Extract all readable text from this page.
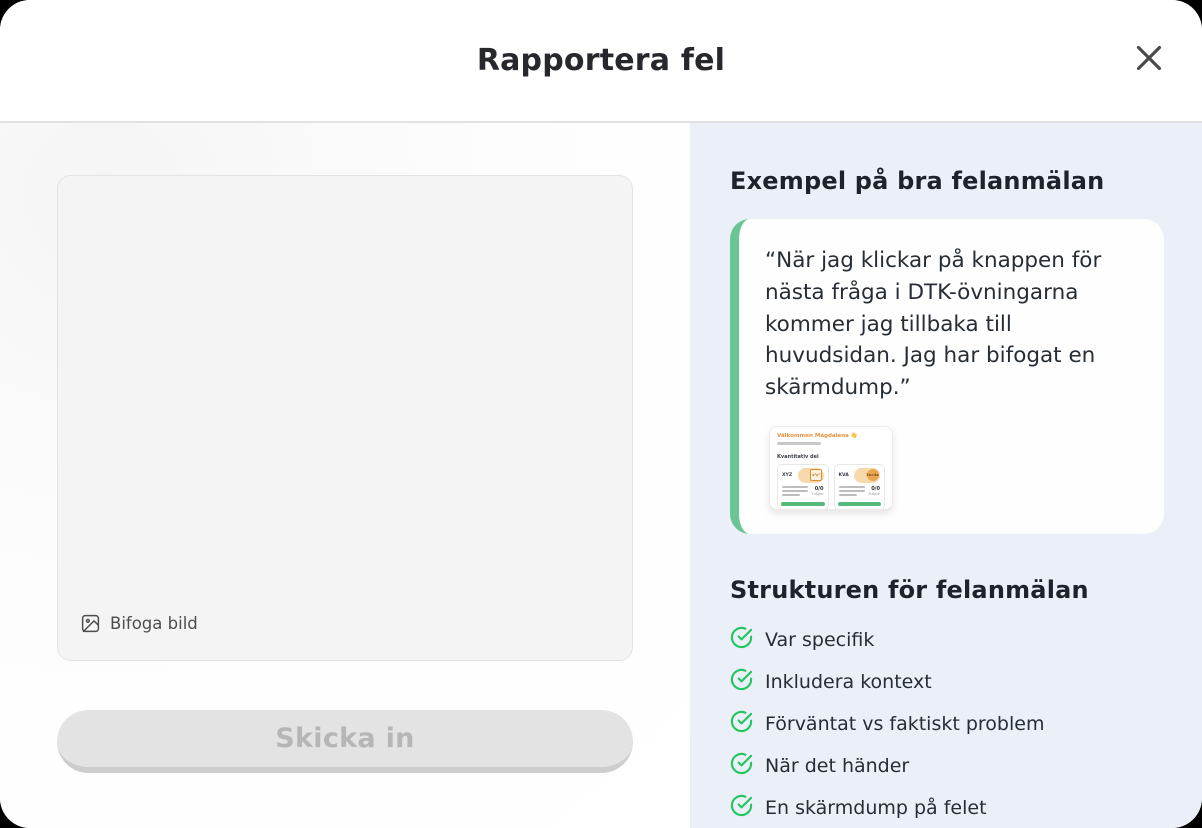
Rapportera fel
Bifoga bild
Skicka in
Exempel på bra felanmälan
“När jag klickar på knappen för nästa fråga i DTK-övningarna kommer jag tillbaka till huvudsidan. Jag har bifogat en skärmdump.”
Välkommen Magdalena 👋
Kvantitativ del
XYZ	x²y²
0/0
Frågor
KVA	2a=4a
0/0
Frågor
Strukturen för felanmälan
Var specifik
Inkludera kontext
Förväntat vs faktiskt problem
När det händer
En skärmdump på felet
